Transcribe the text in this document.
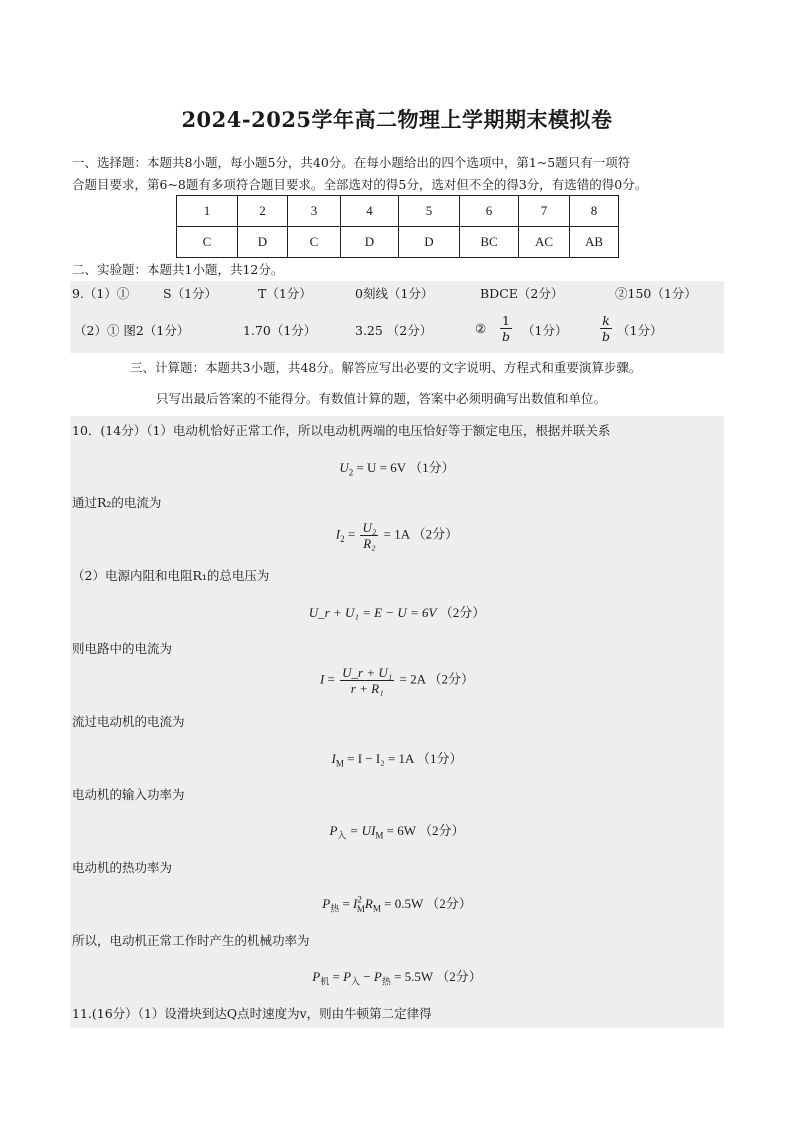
2024-2025学年高二物理上学期期末模拟卷
一、选择题：本题共8小题，每小题5分，共40分。在每小题给出的四个选项中，第1~5题只有一项符
合题目要求，第6~8题有多项符合题目要求。全部选对的得5分，选对但不全的得3分，有选错的得0分。
1	2	3	4	5	6	7	8
C	D	C	D	D	BC	AC	AB
二、实验题：本题共1小题，共12分。
9.（1）①	S（1分）	T（1分）	0刻线（1分）	BDCE（2分）	②150（1分）
（2）① 图2（1分）	1.70（1分）	3.25 （2分）	② $\frac{1}{b} (1$分）	$\frac{k}{b} (1$分）
三、计算题：本题共3小题，共48分。解答应写出必要的文字说明、方程式和重要演算步骤。
只写出最后答案的不能得分。有数值计算的题，答案中必须明确写出数值和单位。
10．(14分）（1）电动机恰好正常工作，所以电动机两端的电压恰好等于额定电压，根据并联关系
$U_2 = U = 6V$ （1分）
通过R₂的电流为
$I_2 = \frac{\text{U₂}}{\text{R₂}} = 1A$ （2分）
（2）电源内阻和电阻R₁的总电压为
U_r + U₁ = E − U = 6V （2分）
则电路中的电流为
$I = \frac{\text{U\_r + U₁}}{\text{r + R₁}} = 2A$ （2分）
流过电动机的电流为
$I_M = I - I_2 = 1A$ （1分）
电动机的输入功率为
$P_入 = UI_M = 6W$ （2分）
电动机的热功率为
$P_热 = I^2_MR_M = 0.5W$ （2分）
所以，电动机正常工作时产生的机械功率为
$P_机 = P_入 - P_热 = 5.5W$ （2分）
11.(16分）（1）设滑块到达Q点时速度为v，则由牛顿第二定律得
